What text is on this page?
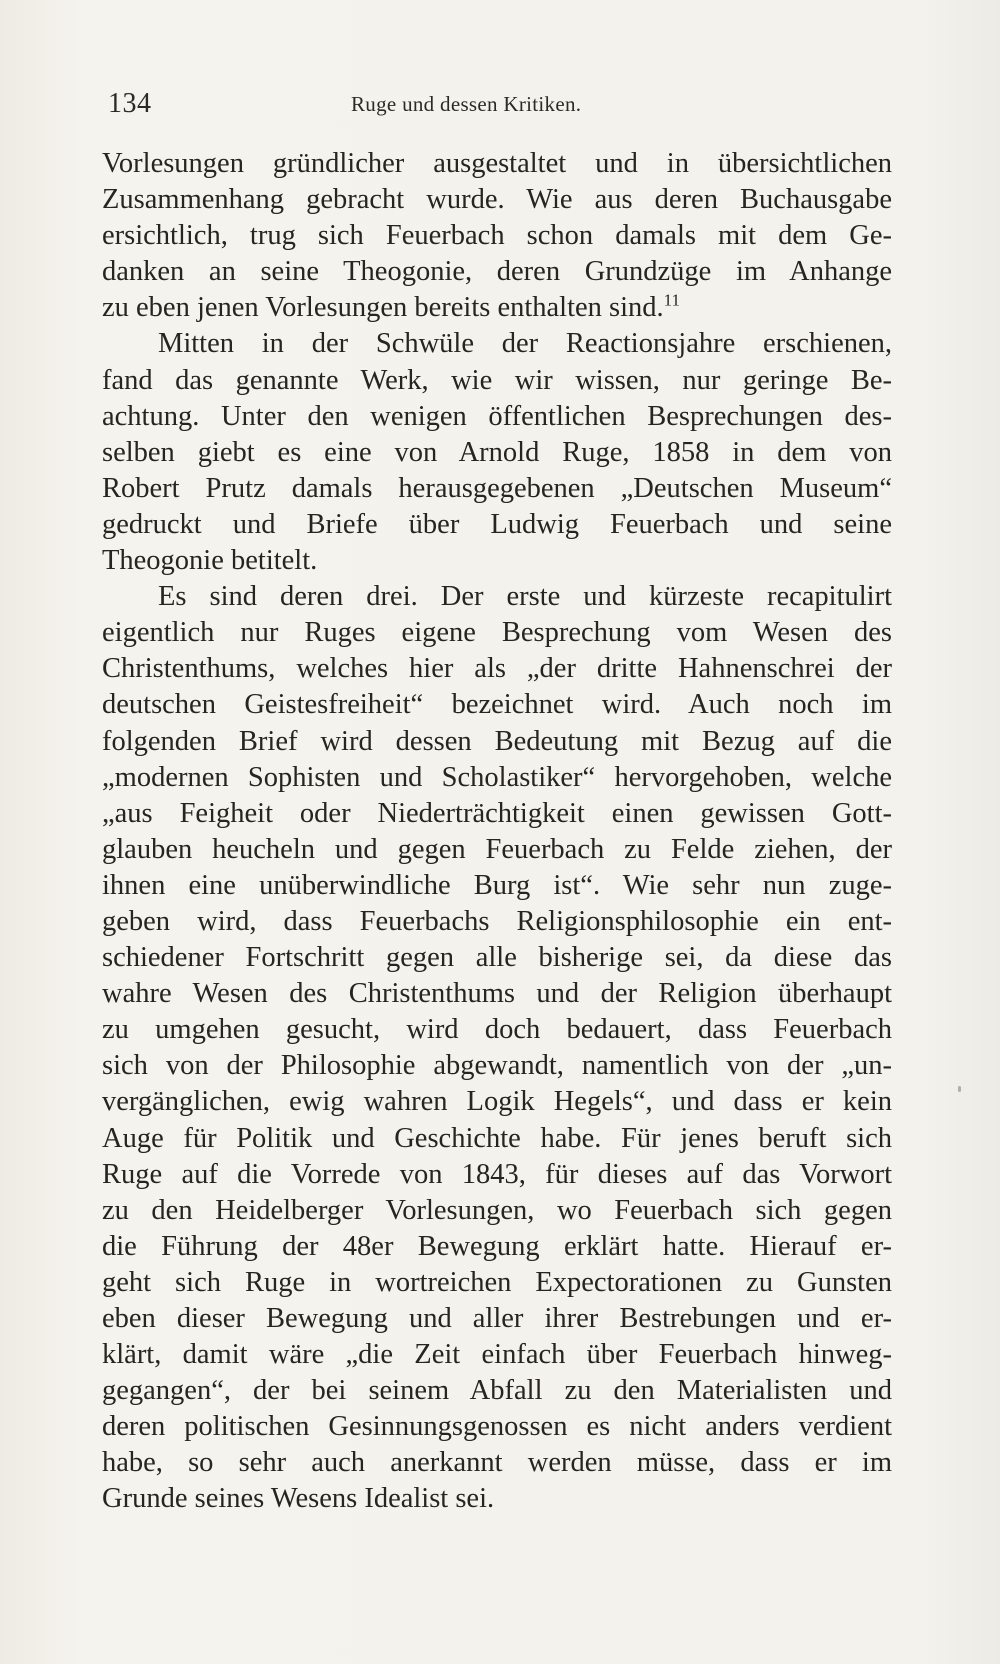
134	Ruge und dessen Kritiken.
Vorlesungen gründlicher ausgestaltet und in übersichtlichen
Zusammenhang gebracht wurde. Wie aus deren Buchausgabe
ersichtlich, trug sich Feuerbach schon damals mit dem Ge-
danken an seine Theogonie, deren Grundzüge im Anhange
zu eben jenen Vorlesungen bereits enthalten sind.$^{11}$
Mitten in der Schwüle der Reactionsjahre erschienen,
fand das genannte Werk, wie wir wissen, nur geringe Be-
achtung. Unter den wenigen öffentlichen Besprechungen des-
selben giebt es eine von Arnold Ruge, 1858 in dem von
Robert Prutz damals herausgegebenen „Deutschen Museum“
gedruckt und Briefe über Ludwig Feuerbach und seine
Theogonie betitelt.
Es sind deren drei. Der erste und kürzeste recapitulirt
eigentlich nur Ruges eigene Besprechung vom Wesen des
Christenthums, welches hier als „der dritte Hahnenschrei der
deutschen Geistesfreiheit“ bezeichnet wird. Auch noch im
folgenden Brief wird dessen Bedeutung mit Bezug auf die
„modernen Sophisten und Scholastiker“ hervorgehoben, welche
„aus Feigheit oder Niederträchtigkeit einen gewissen Gott-
glauben heucheln und gegen Feuerbach zu Felde ziehen, der
ihnen eine unüberwindliche Burg ist“. Wie sehr nun zuge-
geben wird, dass Feuerbachs Religionsphilosophie ein ent-
schiedener Fortschritt gegen alle bisherige sei, da diese das
wahre Wesen des Christenthums und der Religion überhaupt
zu umgehen gesucht, wird doch bedauert, dass Feuerbach
sich von der Philosophie abgewandt, namentlich von der „un-
vergänglichen, ewig wahren Logik Hegels“, und dass er kein
Auge für Politik und Geschichte habe. Für jenes beruft sich
Ruge auf die Vorrede von 1843, für dieses auf das Vorwort
zu den Heidelberger Vorlesungen, wo Feuerbach sich gegen
die Führung der 48er Bewegung erklärt hatte. Hierauf er-
geht sich Ruge in wortreichen Expectorationen zu Gunsten
eben dieser Bewegung und aller ihrer Bestrebungen und er-
klärt, damit wäre „die Zeit einfach über Feuerbach hinweg-
gegangen“, der bei seinem Abfall zu den Materialisten und
deren politischen Gesinnungsgenossen es nicht anders verdient
habe, so sehr auch anerkannt werden müsse, dass er im
Grunde seines Wesens Idealist sei.
